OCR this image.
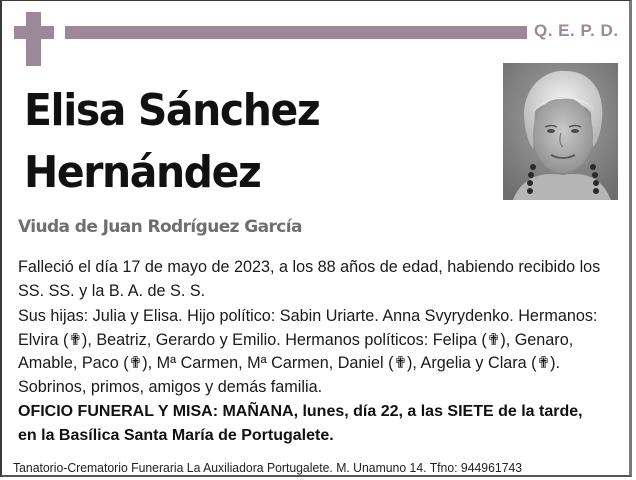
Q. E. P. D.
Elisa Sánchez
Hernández
Viuda de Juan Rodríguez García
Falleció el día 17 de mayo de 2023, a los 88 años de edad, habiendo recibido los
SS. SS. y la B. A. de S. S.
Sus hijas: Julia y Elisa. Hijo político: Sabin Uriarte. Anna Svyrydenko. Hermanos:
Elvira (✟), Beatriz, Gerardo y Emilio. Hermanos políticos: Felipa (✟), Genaro,
Amable, Paco (✟), Mª Carmen, Mª Carmen, Daniel (✟), Argelia y Clara (✟).
Sobrinos, primos, amigos y demás familia.
OFICIO FUNERAL Y MISA: MAÑANA, lunes, día 22, a las SIETE de la tarde,
en la Basílica Santa María de Portugalete.
Tanatorio-Crematorio Funeraria La Auxiliadora Portugalete. M. Unamuno 14. Tfno: 944961743
